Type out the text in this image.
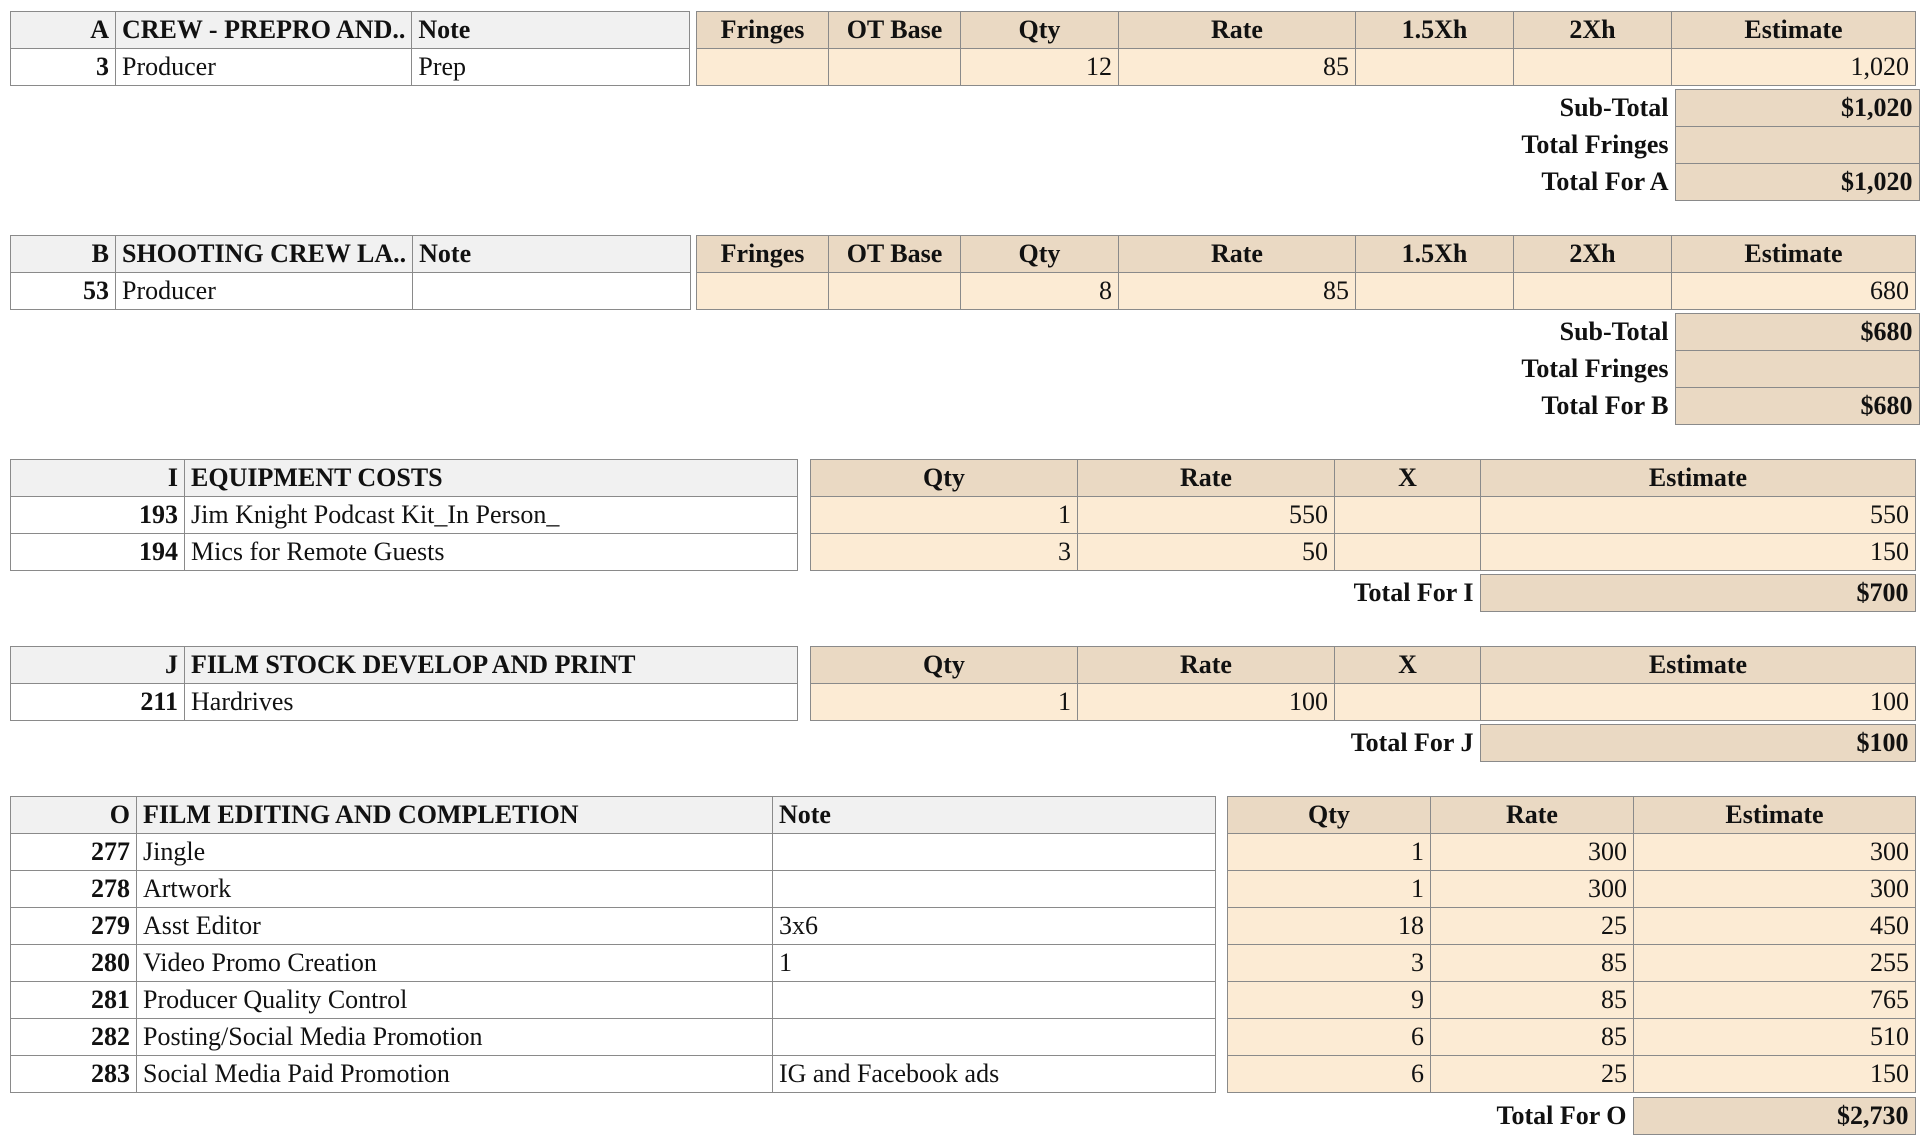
A	CREW - PREPRO AND..	Note
3	Producer	Prep
Fringes	OT Base	Qty	Rate	1.5Xh	2Xh	Estimate
		12	85			1,020
Sub-Total	$1,020
Total Fringes	
Total For A	$1,020
B	SHOOTING CREW LA..	Note
53	Producer	
Fringes	OT Base	Qty	Rate	1.5Xh	2Xh	Estimate
		8	85			680
Sub-Total	$680
Total Fringes	
Total For B	$680
I	EQUIPMENT COSTS
193	Jim Knight Podcast Kit_In Person_
194	Mics for Remote Guests
Qty	Rate	X	Estimate
1	550		550
3	50		150
Total For I	$700
J	FILM STOCK DEVELOP AND PRINT
211	Hardrives
Qty	Rate	X	Estimate
1	100		100
Total For J	$100
O	FILM EDITING AND COMPLETION	Note
277	Jingle	
278	Artwork	
279	Asst Editor	3x6
280	Video Promo Creation	1
281	Producer Quality Control	
282	Posting/Social Media Promotion	
283	Social Media Paid Promotion	IG and Facebook ads
Qty	Rate	Estimate
1	300	300
1	300	300
18	25	450
3	85	255
9	85	765
6	85	510
6	25	150
Total For O	$2,730
